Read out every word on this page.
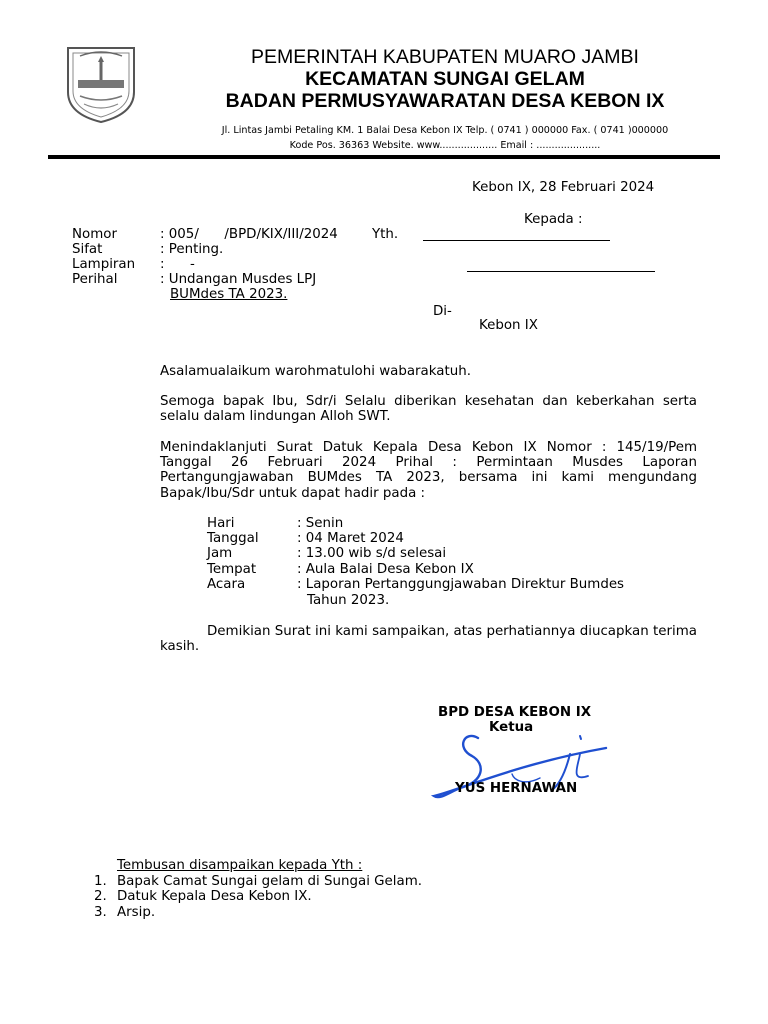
PEMERINTAH KABUPATEN MUARO JAMBI
KECAMATAN SUNGAI GELAM
BADAN PERMUSYAWARATAN DESA KEBON IX
Jl. Lintas Jambi Petaling KM. 1 Balai Desa Kebon IX Telp. ( 0741 ) 000000 Fax. ( 0741 )000000
Kode Pos. 36363 Website. www................... Email : .....................
Kebon IX, 28 Februari 2024
Kepada :
Yth.
Di-
Kebon IX
Nomor	: 005/      /BPD/KIX/III/2024
Sifat	: Penting.
Lampiran :      -
Perihal	: Undangan Musdes LPJ
BUMdes TA 2023.
Asalamualaikum warohmatulohi wabarakatuh.
Semoga bapak Ibu, Sdr/i Selalu diberikan kesehatan dan keberkahan serta selalu dalam lindungan Alloh SWT.
Menindaklanjuti Surat Datuk Kepala Desa Kebon IX Nomor : 145/19/Pem Tanggal 26 Februari 2024 Prihal : Permintaan Musdes Laporan Pertangungjawaban BUMdes TA 2023, bersama ini kami mengundang Bapak/Ibu/Sdr untuk dapat hadir pada :
Hari	: Senin
Tanggal	: 04 Maret 2024
Jam	: 13.00 wib s/d selesai
Tempat	: Aula Balai Desa Kebon IX
Acara	: Laporan Pertanggungjawaban Direktur Bumdes
Tahun 2023.
Demikian Surat ini kami sampaikan, atas perhatiannya diucapkan terima kasih.
BPD DESA KEBON IX
Ketua
YUS HERNAWAN
Tembusan disampaikan kepada Yth :
1. Bapak Camat Sungai gelam di Sungai Gelam.
2. Datuk Kepala Desa Kebon IX.
3. Arsip.
